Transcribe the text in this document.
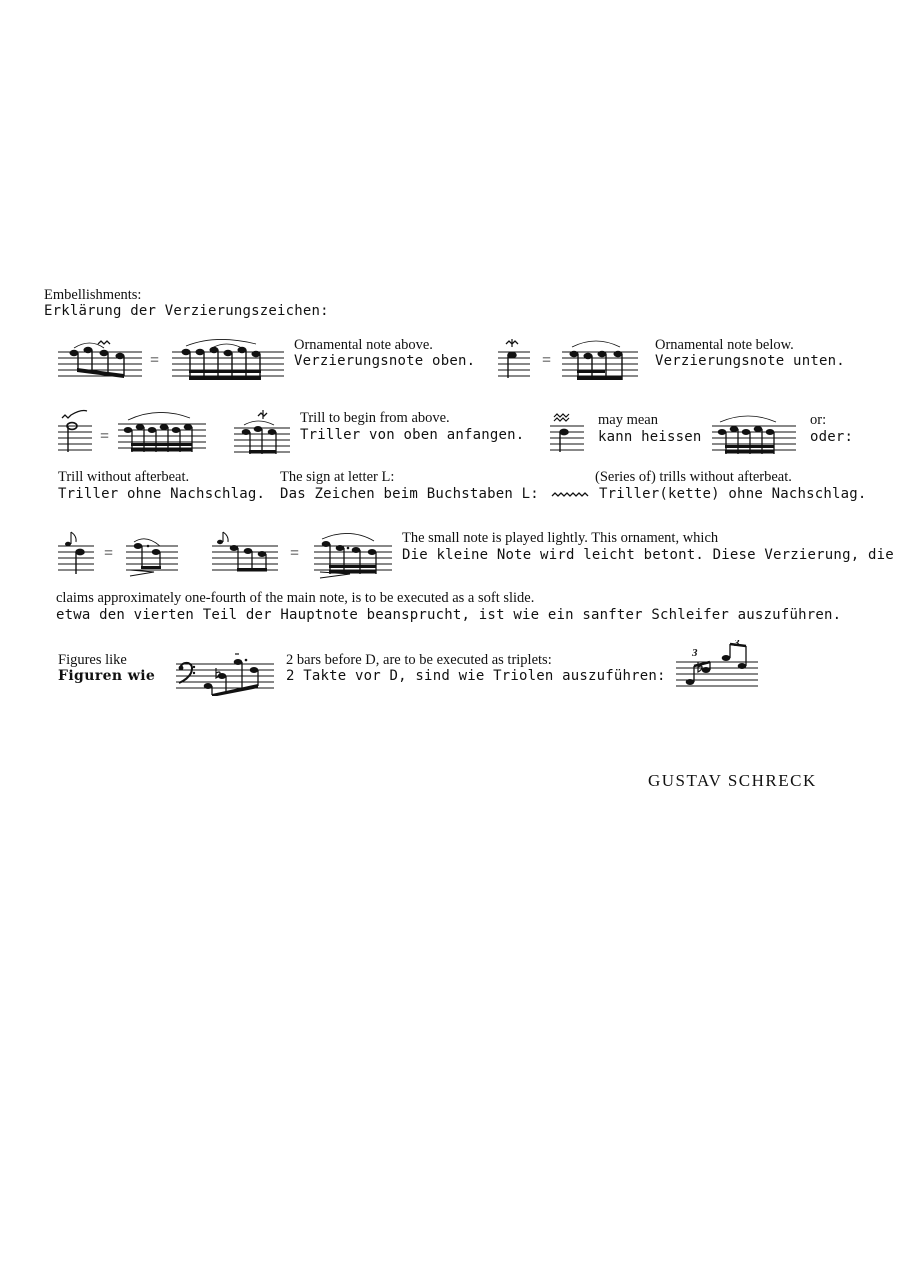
Embellishments:

Erklärung der Verzierungszeichen:

=

Ornamental note above.

Verzierungsnote oben.	=

Ornamental note below.

Verzierungsnote unten.

=

Trill to begin from above.

Triller von oben anfangen.

may mean

kann heissen

or:

oder:

Trill without afterbeat.

Triller ohne Nachschlag.

The sign at letter L:

Das Zeichen beim Buchstaben L:

(Series of) trills without afterbeat.

Triller(kette) ohne Nachschlag.

=	=

The small note is played lightly. This ornament, which

Die kleine Note wird leicht betont. Diese Verzierung, die

claims approximately one-fourth of the main note, is to be executed as a soft slide.

etwa den vierten Teil der Hauptnote beansprucht, ist wie ein sanfter Schleifer auszuführen.

Figures like

Figuren wie

2 bars before D, are to be executed as triplets:

2 Takte vor D, sind wie Triolen auszuführen:

3
3

GUSTAV SCHRECK
